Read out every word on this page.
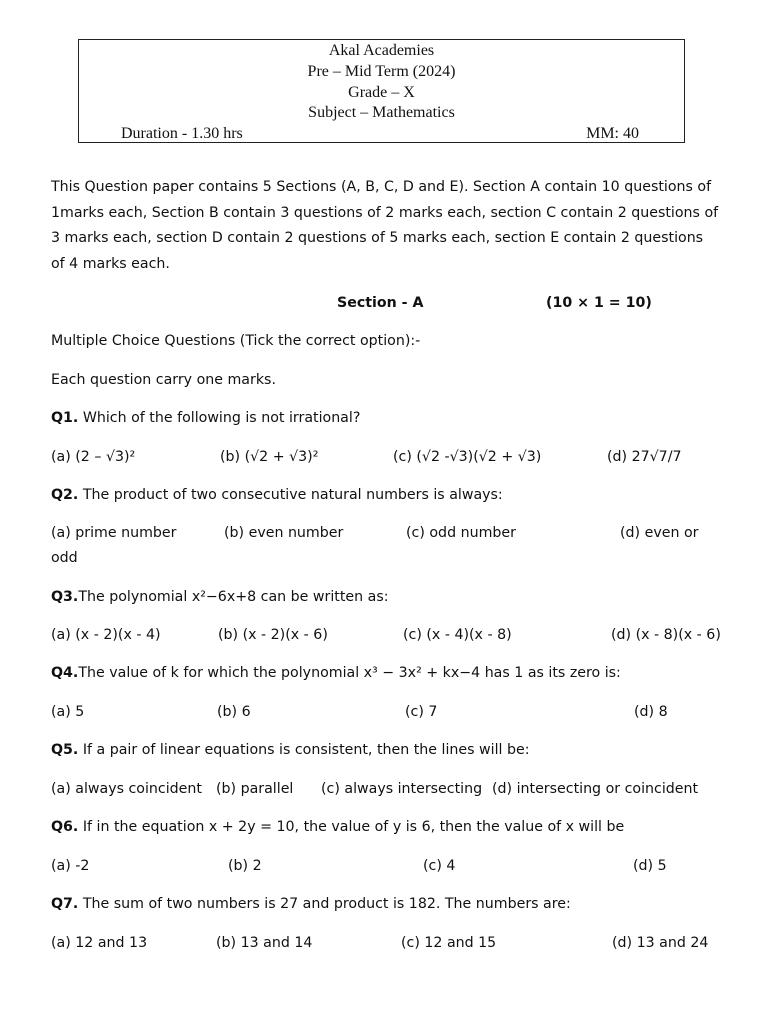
Akal Academies
Pre – Mid Term (2024)
Grade – X
Subject – Mathematics
Duration - 1.30 hrs	MM: 40
This Question paper contains 5 Sections (A, B, C, D and E). Section A contain 10 questions of
1marks each, Section B contain 3 questions of 2 marks each, section C contain 2 questions of
3 marks each, section D contain 2 questions of 5 marks each, section E contain 2 questions
of 4 marks each.
Section - A	(10 × 1 = 10)
Multiple Choice Questions (Tick the correct option):-
Each question carry one marks.
Q1. Which of the following is not irrational?
(a) (2 – √3)²	(b) (√2 + √3)²	(c) (√2 -√3)(√2 + √3)	(d) 27√7/7
Q2. The product of two consecutive natural numbers is always:
(a) prime number	(b) even number	(c) odd number	(d) even or
odd
Q3.The polynomial x²−6x+8 can be written as:
(a) (x - 2)(x - 4)	(b) (x - 2)(x - 6)	(c) (x - 4)(x - 8)	(d) (x - 8)(x - 6)
Q4.The value of k for which the polynomial x³ − 3x² + kx−4 has 1 as its zero is:
(a) 5	(b) 6	(c) 7	(d) 8
Q5. If a pair of linear equations is consistent, then the lines will be:
(a) always coincident (b) parallel (c) always intersecting (d) intersecting or coincident
Q6. If in the equation x + 2y = 10, the value of y is 6, then the value of x will be
(a) -2	(b) 2	(c) 4	(d) 5
Q7. The sum of two numbers is 27 and product is 182. The numbers are:
(a) 12 and 13	(b) 13 and 14	(c) 12 and 15	(d) 13 and 24
